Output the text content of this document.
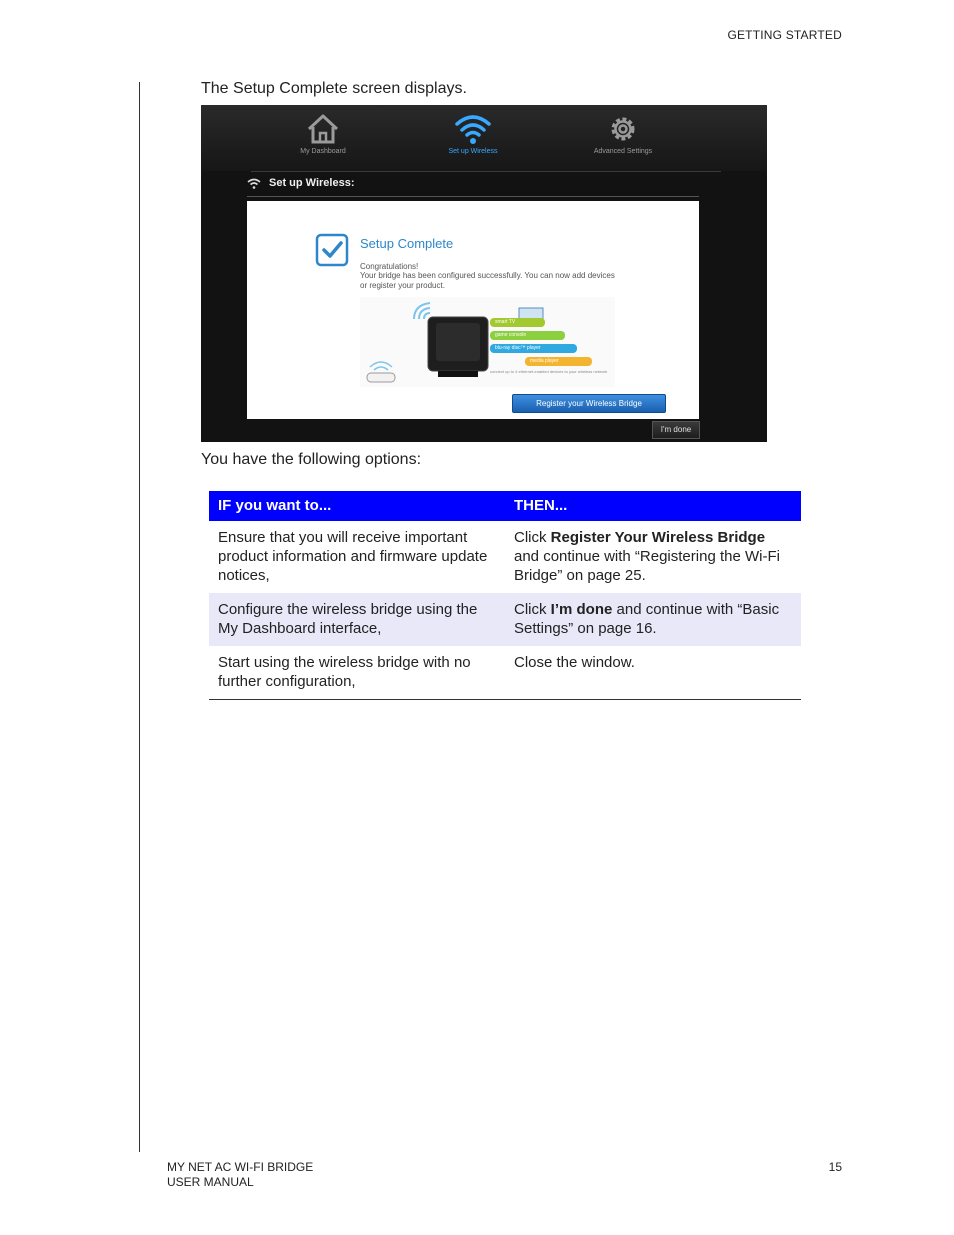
GETTING STARTED
The Setup Complete screen displays.
My Dashboard	Set up Wireless	Advanced Settings
Set up Wireless:
Setup Complete
Congratulations!
Your bridge has been configured successfully. You can now add devices or register your product.
smart TV
game console
blu-ray disc™ player
media player
connect up to 4 ethernet-enabled devices to your wireless network
Register your Wireless Bridge
I'm done
You have the following options:
IF you want to...	THEN...
Ensure that you will receive important product information and firmware update notices,	Click Register Your Wireless Bridge and continue with “Registering the Wi-Fi Bridge” on page 25.
Configure the wireless bridge using the My Dashboard interface,	Click I’m done and continue with “Basic Settings” on page 16.
Start using the wireless bridge with no further configuration,	Close the window.
MY NET AC WI-FI BRIDGE
USER MANUAL
15
